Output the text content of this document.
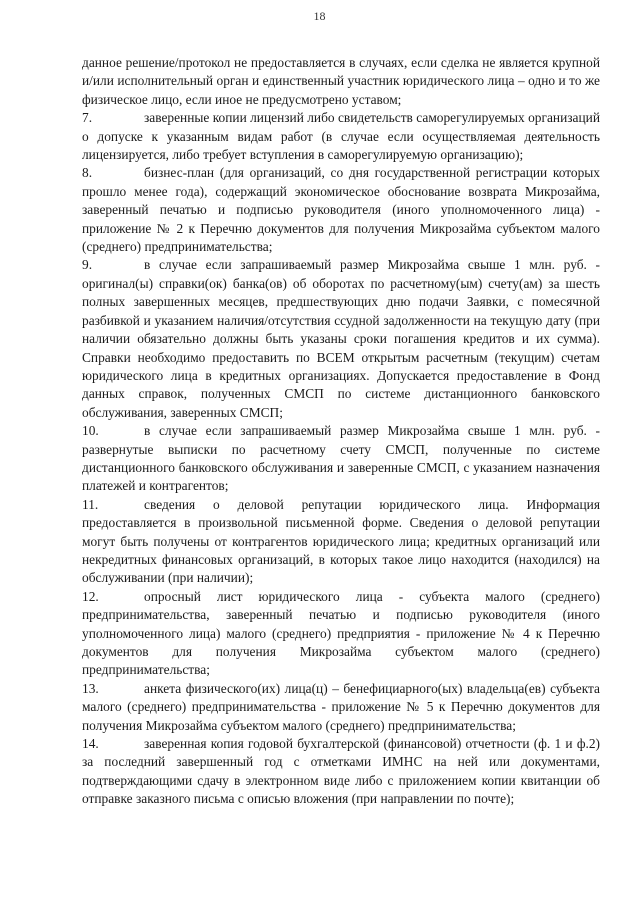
18

данное решение/протокол не предоставляется в случаях, если сделка не является крупной и/или исполнительный орган и единственный участник юридического лица – одно и то же физическое лицо, если иное не предусмотрено уставом;

7.	заверенные копии лицензий либо свидетельств саморегулируемых организаций о допуске к указанным видам работ (в случае если осуществляемая деятельность лицензируется, либо требует вступления в саморегулируемую организацию);

8.	бизнес-план (для организаций, со дня государственной регистрации которых прошло менее года), содержащий экономическое обоснование возврата Микрозайма, заверенный печатью и подписью руководителя (иного уполномоченного лица) - приложение № 2 к Перечню документов для получения Микрозайма субъектом малого (среднего) предпринимательства;

9.	в случае если запрашиваемый размер Микрозайма свыше 1 млн. руб. - оригинал(ы) справки(ок) банка(ов) об оборотах по расчетному(ым) счету(ам) за шесть полных завершенных месяцев, предшествующих дню подачи Заявки, с помесячной разбивкой и указанием наличия/отсутствия ссудной задолженности на текущую дату (при наличии обязательно должны быть указаны сроки погашения кредитов и их сумма). Справки необходимо предоставить по ВСЕМ открытым расчетным (текущим) счетам юридического лица в кредитных организациях. Допускается предоставление в Фонд данных справок, полученных СМСП по системе дистанционного банковского обслуживания, заверенных СМСП;

10.	в случае если запрашиваемый размер Микрозайма свыше 1 млн. руб. - развернутые выписки по расчетному счету СМСП, полученные по системе дистанционного банковского обслуживания и заверенные СМСП, с указанием назначения платежей и контрагентов;

11.	сведения о деловой репутации юридического лица. Информация предоставляется в произвольной письменной форме. Сведения о деловой репутации могут быть получены от контрагентов юридического лица; кредитных организаций или некредитных финансовых организаций, в которых такое лицо находится (находился) на обслуживании (при наличии);

12.	опросный лист юридического лица - субъекта малого (среднего) предпринимательства, заверенный печатью и подписью руководителя (иного уполномоченного лица) малого (среднего) предприятия - приложение № 4 к Перечню документов для получения Микрозайма субъектом малого (среднего) предпринимательства;

13.	анкета физического(их) лица(ц) – бенефициарного(ых) владельца(ев) субъекта малого (среднего) предпринимательства - приложение № 5 к Перечню документов для получения Микрозайма субъектом малого (среднего) предпринимательства;

14.	заверенная копия годовой бухгалтерской (финансовой) отчетности (ф. 1 и ф.2) за последний завершенный год с отметками ИМНС на ней или документами, подтверждающими сдачу в электронном виде либо с приложением копии квитанции об отправке заказного письма с описью вложения (при направлении по почте);
